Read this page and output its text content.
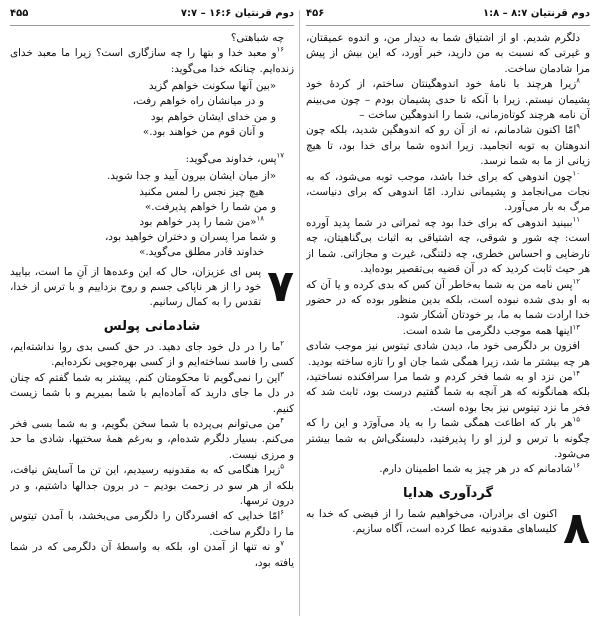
دوم قرنتیان ۸:۷ – ۱:۸
۴۵۶

دلگرم شدیم. او از اشتیاق شما به دیدار من، و اندوه عمیقتان، و غیرتی که نسبت به من دارید، خبر آورد، که این بیش از پیش مرا شادمان ساخت.

$^۸$زیرا هرچند با نامهٔ خود اندوهگینتان ساختم، از کردهٔ خود پشیمان نیستم. زیرا با آنکه تا حدی پشیمان بودم – چون می‌بینم آن نامه هرچند کوتاه‌زمانی، شما را اندوهگین ساخت –

$^۹$امّا اکنون شادمانم، نه از آن رو که اندوهگین شدید، بلکه چون اندوهتان به توبه انجامید. زیرا اندوه شما برای خدا بود، تا هیچ زیانی از ما به شما نرسد.

$^{۱۰}$چون اندوهی که برای خدا باشد، موجب توبه می‌شود، که به نجات می‌انجامد و پشیمانی ندارد. امّا اندوهی که برای دنیاست، مرگ به بار می‌آورد.

$^{۱۱}$ببینید اندوهی که برای خدا بود چه ثمراتی در شما پدید آورده است: چه شور و شوقی، چه اشتیاقی به اثبات بی‌گناهیتان، چه نارضایی و احساس خطری، چه دلتنگی، غیرت و مجازاتی. شما از هر حیث ثابت کردید که در آن قضیه بی‌تقصیر بوده‌اید.

$^{۱۲}$پس نامه من به شما به‌خاطر آن کس که بدی کرده و یا آن که به او بدی شده نبوده است، بلکه بدین منظور بوده که در حضور خدا ارادت شما به ما، بر خودتان آشکار شود.

$^{۱۳}$اینها همه موجب دلگرمی ما شده است.

افزون بر دلگرمی خود ما، دیدن شادی تیتوس نیز موجب شادی هر چه بیشتر ما شد، زیرا همگی شما جان او را تازه ساخته بودید.

$^{۱۴}$من نزد او به شما فخر کردم و شما مرا سرافکنده نساختید، بلکه همانگونه که هر آنچه به شما گفتیم درست بود، ثابت شد که فخر ما نزد تیتوس نیز بجا بوده است.

$^{۱۵}$هر بار که اطاعت همگی شما را به یاد می‌آورَد و این را که چگونه با ترس و لرز او را پذیرفتید، دلبستگی‌اش به شما بیشتر می‌شود.

$^{۱۶}$شادمانم که در هر چیز به شما اطمینان دارم.

گردآوری هدایا
۸
اکنون ای برادران، می‌خواهیم شما را از فیضی که خدا به کلیساهای مقدونیه عطا کرده است، آگاه سازیم.
دوم قرنتیان ۱۶:۶ – ۷:۷
۴۵۵

چه شباهتی؟

$^{۱۶}$و معبد خدا و بتها را چه سازگاری است؟ زیرا ما معبد خدای زنده‌ایم. چنانکه خدا می‌گوید:

«بین آنها سکونت خواهم گزید
و در میانشان راه خواهم رفت،
و من خدای ایشان خواهم بود
و آنان قوم من خواهند بود.»

$^{۱۷}$پس، خداوند می‌گوید:

«از میان ایشان بیرون آیید و جدا شوید.
هیچ چیز نجس را لمس مکنید
و من شما را خواهم پذیرفت.»
$^{۱۸}$«من شما را پدر خواهم بود
و شما مرا پسران و دختران خواهید بود،
خداوند قادر مطلق می‌گوید.»
۷
پس ای عزیزان، حال که این وعده‌ها از آنِ ما است، بیایید خود را از هر ناپاکی جسم و روح بزداییم و با ترس از خدا، تقدس را به کمال رسانیم.
شادمانی پولس

$^۲$ما را در دل خود جای دهید. در حق کسی بدی روا نداشته‌ایم، کسی را فاسد نساخته‌ایم و از کسی بهره‌جویی نکرده‌ایم.

$^۳$این را نمی‌گویم تا محکومتان کنم. پیشتر به شما گفتم که چنان در دل ما جای دارید که آماده‌ایم با شما بمیریم و با شما زیست کنیم.

$^۴$من می‌توانم بی‌پرده با شما سخن بگویم، و به شما بسی فخر می‌کنم. بسیار دلگرم شده‌ام، و به‌رغم همهٔ سختیها، شادی ما حد و مرزی نیست.

$^۵$زیرا هنگامی که به مقدونیه رسیدیم، این تن ما آسایش نیافت، بلکه از هر سو در زحمت بودیم – در برون جدالها داشتیم، و در درون ترسها.

$^۶$امّا خدایی که افسردگان را دلگرمی می‌بخشد، با آمدن تیتوس ما را دلگرم ساخت.

$^۷$و نه تنها از آمدن او، بلکه به واسطهٔ آن دلگرمی که در شما یافته بود،
